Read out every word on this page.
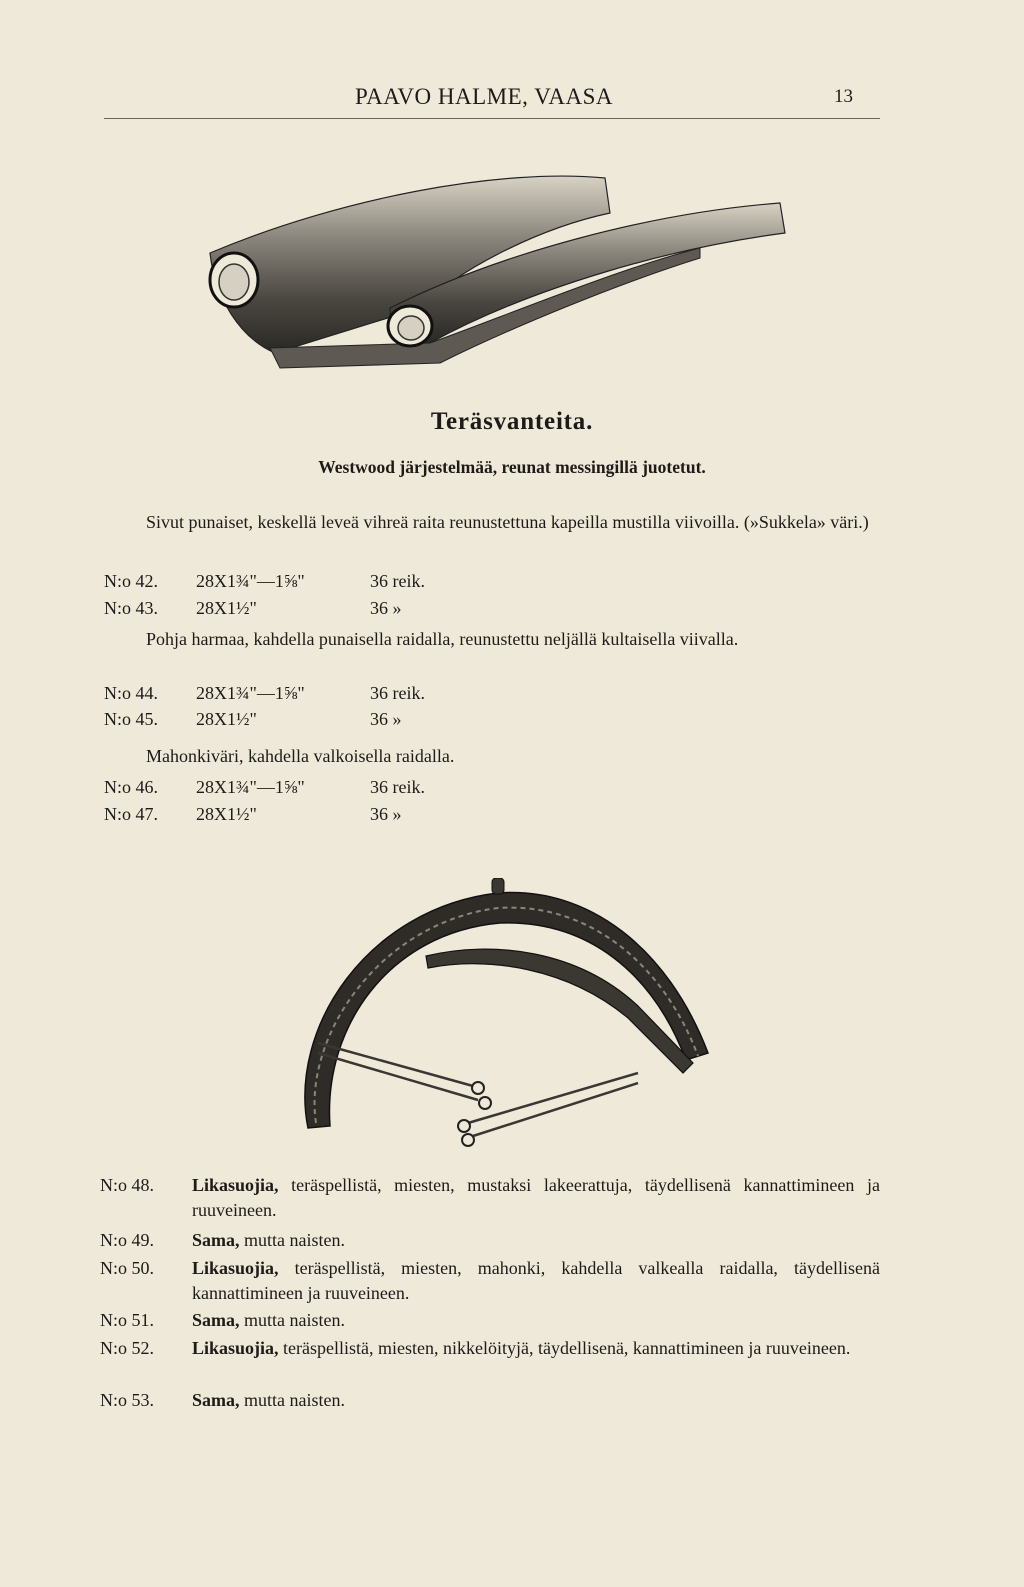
PAAVO HALME, VAASA	13
Teräsvanteita.
Westwood järjestelmää, reunat messingillä juotetut.

Sivut punaiset, keskellä leveä vihreä raita reunustettuna kapeilla mustilla viivoilla. (»Sukkela» väri.)

N:o 42.	28X1¾"—1⅝"	36 reik.
N:o 43.	28X1½"	36 »

Pohja harmaa, kahdella punaisella raidalla, reunustettu neljällä kultaisella viivalla.

N:o 44.	28X1¾"—1⅝"	36 reik.
N:o 45.	28X1½"	36 »

Mahonkiväri, kahdella valkoisella raidalla.

N:o 46.	28X1¾"—1⅝"	36 reik.
N:o 47.	28X1½"	36 »
N:o 48.	Likasuojia, teräspellistä, miesten, mustaksi lakeerattuja, täydellisenä kannattimineen ja ruuveineen.
N:o 49.	Sama, mutta naisten.
N:o 50.	Likasuojia, teräspellistä, miesten, mahonki, kahdella valkealla raidalla, täydellisenä kannattimineen ja ruuveineen.
N:o 51.	Sama, mutta naisten.
N:o 52.	Likasuojia, teräspellistä, miesten, nikkelöityjä, täydellisenä, kannattimineen ja ruuveineen.
N:o 53.	Sama, mutta naisten.
